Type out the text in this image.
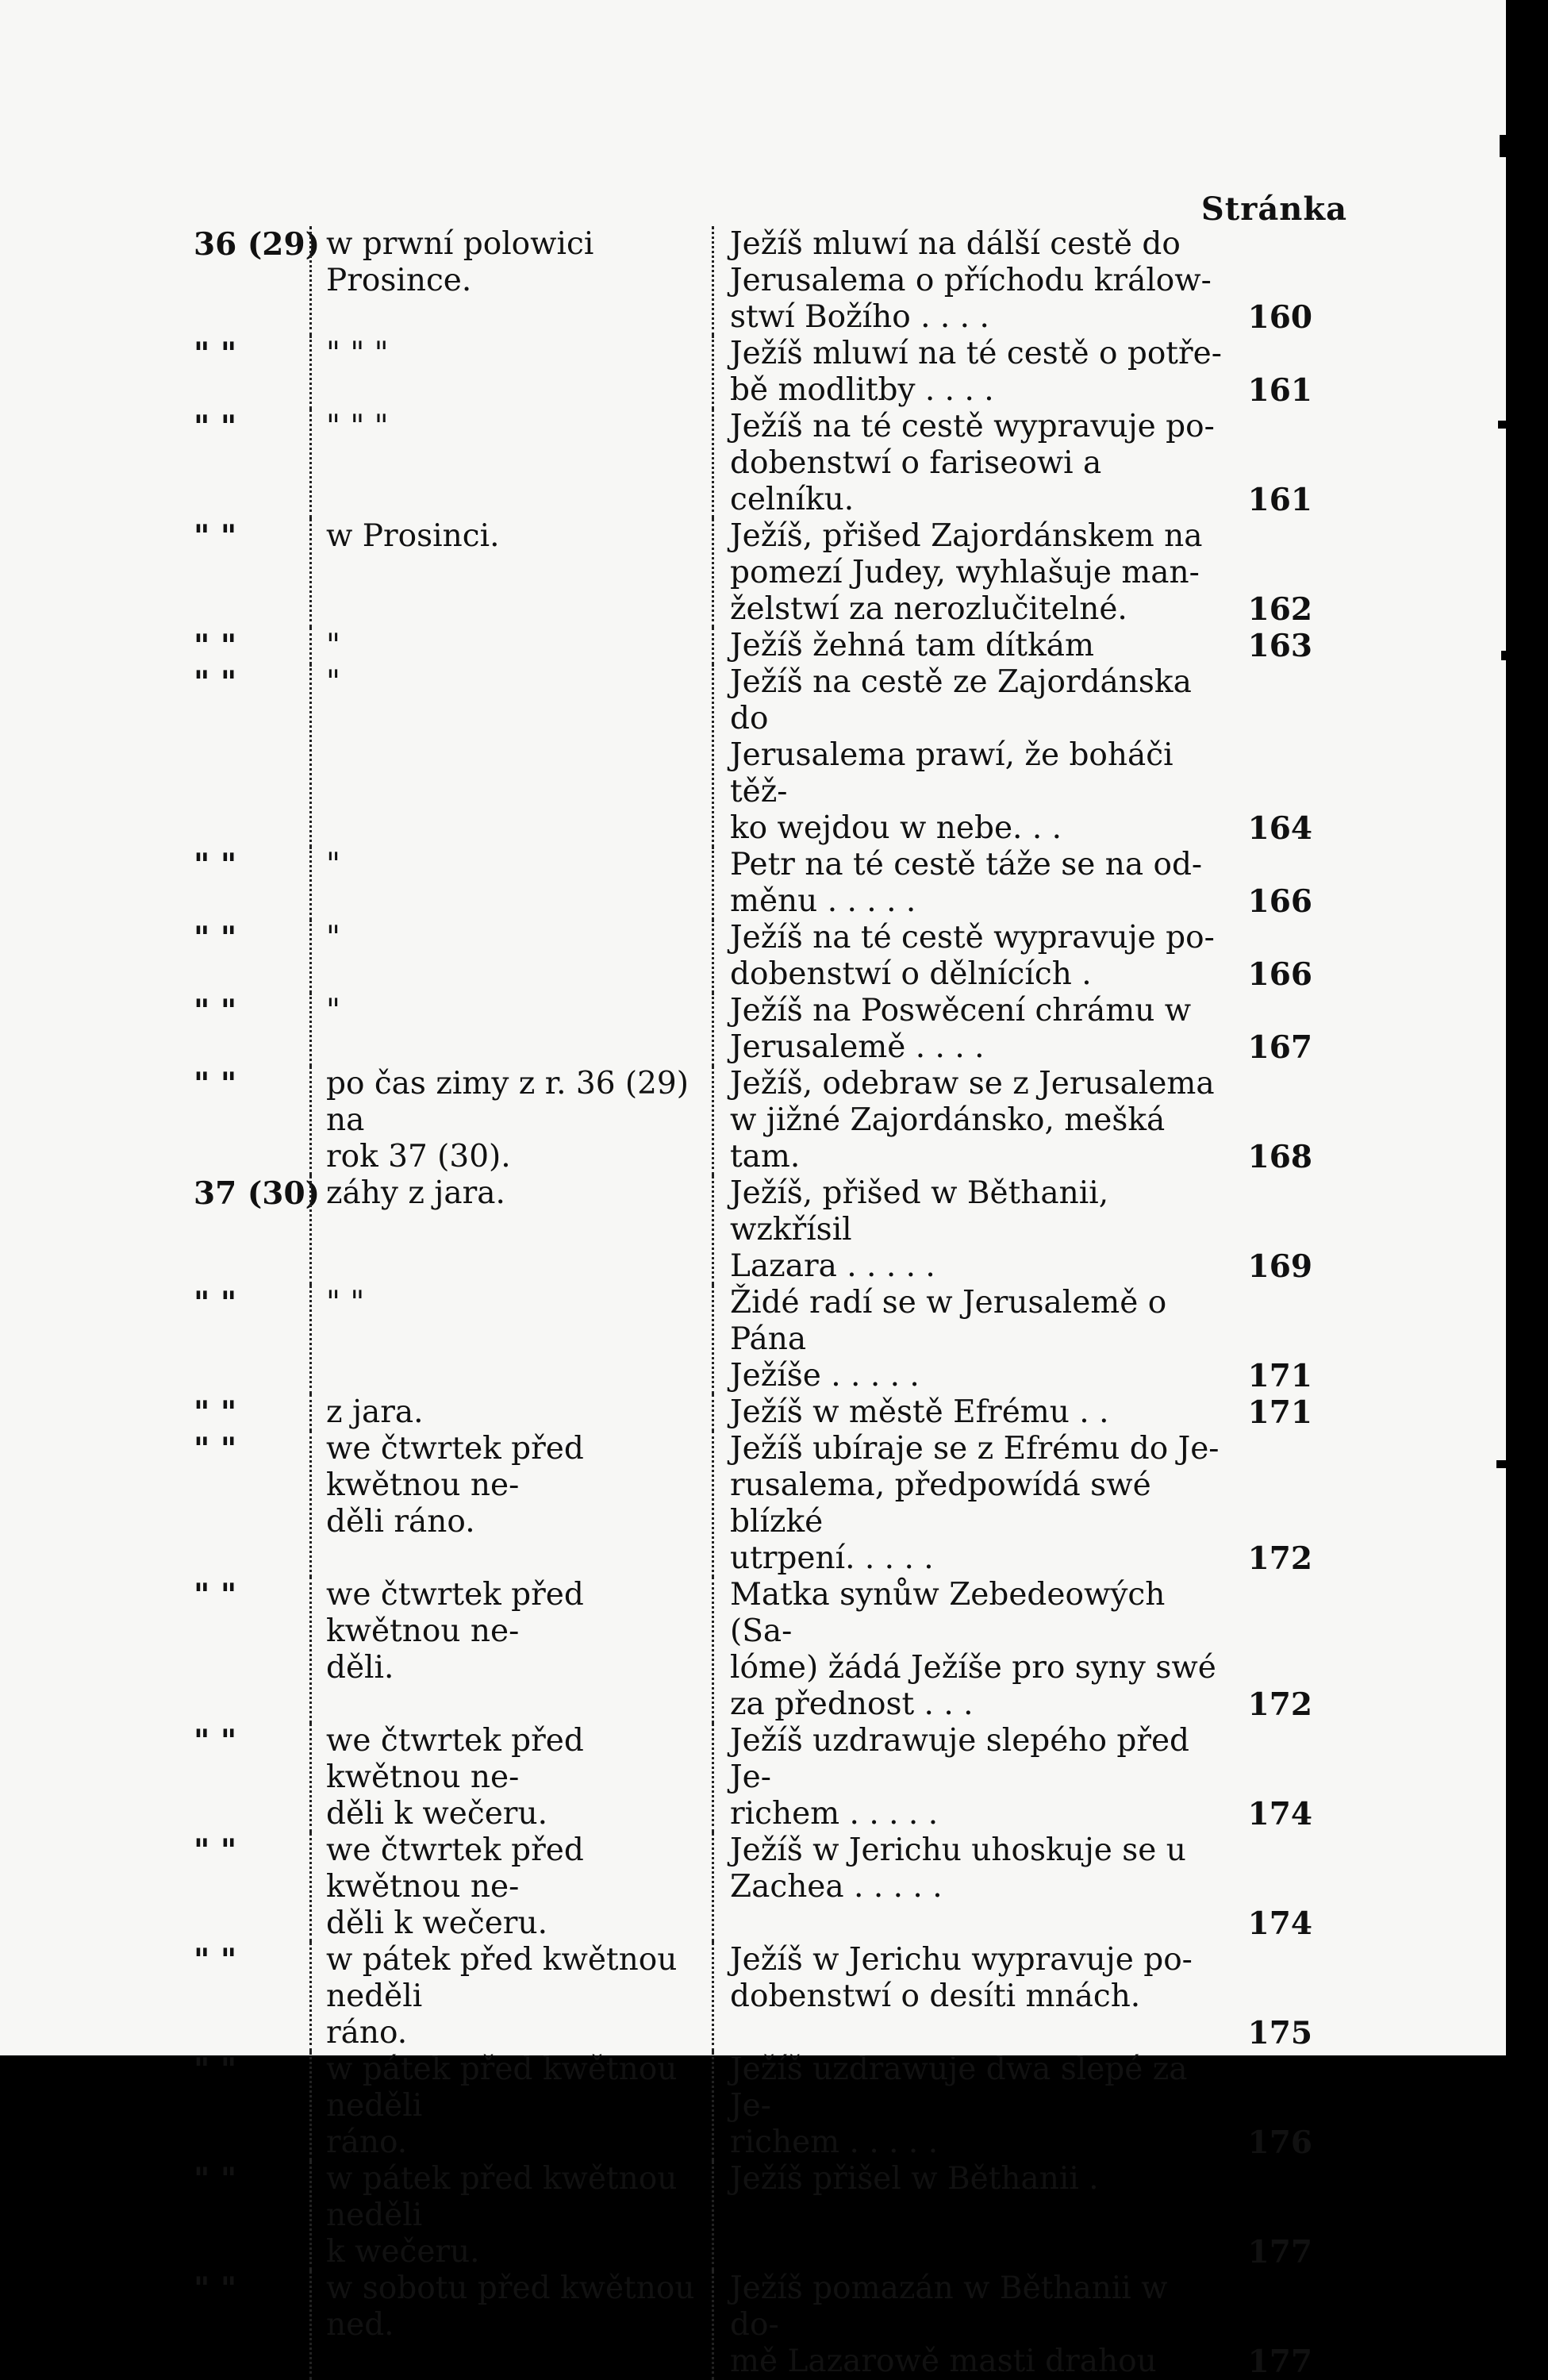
Stránka
36 (29) w prwní polowici Prosince.
Ježíš mluwí na dálší cestě do
Jerusalema o příchodu králow-
stwí Božího . . . .	160
" "	" " "	Ježíš mluwí na té cestě o potře-
bě modlitby . . . .	161
" "	" " "	Ježíš na té cestě wypravuje po-
dobenstwí o fariseowi a celníku.	161
" "	w Prosinci.	Ježíš, přišed Zajordánskem na
pomezí Judey, wyhlašuje man-
želstwí za nerozlučitelné.	162
" "	"	Ježíš žehná tam dítkám	163
" "	"	Ježíš na cestě ze Zajordánska do
Jerusalema prawí, že boháči těž-
ko wejdou w nebe. . .	164
" "	"	Petr na té cestě táže se na od-
měnu . . . . .	166
" "	"	Ježíš na té cestě wypravuje po-
dobenstwí o dělnících .	166
" "	"	Ježíš na Poswěcení chrámu w
Jerusalemě . . . .	167
" "	po čas zimy z r. 36 (29) na
rok 37 (30).
Ježíš, odebraw se z Jerusalema
w jižné Zajordánsko, mešká tam.	168
37 (30) záhy z jara.	Ježíš, přišed w Běthanii, wzkřísil
Lazara . . . . .	169
" "	" "	Židé radí se w Jerusalemě o Pána
Ježíše . . . . .	171
" "	z jara.	Ježíš w městě Efrému . .	171
" "	we čtwrtek před kwětnou ne-
děli ráno.
Ježíš ubíraje se z Efrému do Je-
rusalema, předpowídá swé blízké
utrpení. . . . .	172
" "	we čtwrtek před kwětnou ne-
děli.
Matka synůw Zebedeowých (Sa-
lóme) žádá Ježíše pro syny swé
za přednost . . .	172
" "	we čtwrtek před kwětnou ne-
děli k wečeru.
Ježíš uzdrawuje slepého před Je-
richem . . . . .	174
" "	we čtwrtek před kwětnou ne-
děli k wečeru.
Ježíš w Jerichu uhoskuje se u
Zachea . . . . .
174
" "	w pátek před kwětnou neděli
ráno.
Ježíš w Jerichu wypravuje po-
dobenstwí o desíti mnách.
175
" "	w pátek před kwětnou neděli
ráno.
Ježíš uzdrawuje dwa slepé za Je-
richem . . . . .	176
" "	w pátek před kwětnou neděli
k wečeru.
Ježíš přišel w Běthanii .
177
" "	w sobotu před kwětnou ned.
Ježíš pomazán w Běthanii w do-
mě Lazarowě masti drahou	177
